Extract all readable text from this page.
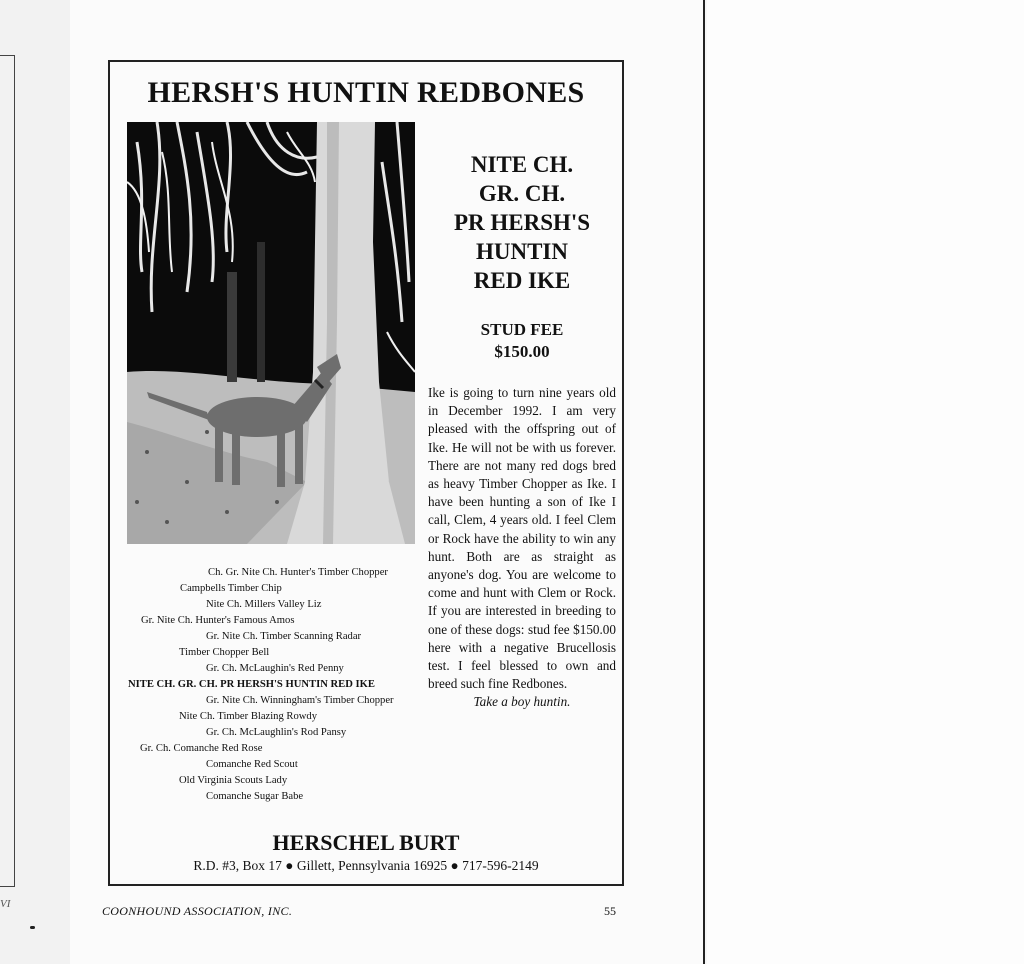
VI
HERSH'S HUNTIN REDBONES
NITE CH.
GR. CH.
PR HERSH'S
HUNTIN
RED IKE
STUD FEE
$150.00
Ike is going to turn nine years old in December 1992. I am very pleased with the offspring out of Ike. He will not be with us forever. There are not many red dogs bred as heavy Timber Chopper as Ike. I have been hunting a son of Ike I call, Clem, 4 years old. I feel Clem or Rock have the ability to win any hunt. Both are as straight as anyone's dog. You are welcome to come and hunt with Clem or Rock. If you are interested in breeding to one of these dogs: stud fee $150.00 here with a negative Brucellosis test. I feel blessed to own and breed such fine Redbones.
Take a boy huntin.
Ch. Gr. Nite Ch. Hunter's Timber Chopper
Campbells Timber Chip
Nite Ch. Millers Valley Liz
Gr. Nite Ch. Hunter's Famous Amos
Gr. Nite Ch. Timber Scanning Radar
Timber Chopper Bell
Gr. Ch. McLaughin's Red Penny
NITE CH. GR. CH. PR HERSH'S HUNTIN RED IKE
Gr. Nite Ch. Winningham's Timber Chopper
Nite Ch. Timber Blazing Rowdy
Gr. Ch. McLaughlin's Rod Pansy
Gr. Ch. Comanche Red Rose
Comanche Red Scout
Old Virginia Scouts Lady
Comanche Sugar Babe
HERSCHEL BURT
R.D. #3, Box 17 ● Gillett, Pennsylvania 16925 ● 717-596-2149
COONHOUND ASSOCIATION, INC.	55
